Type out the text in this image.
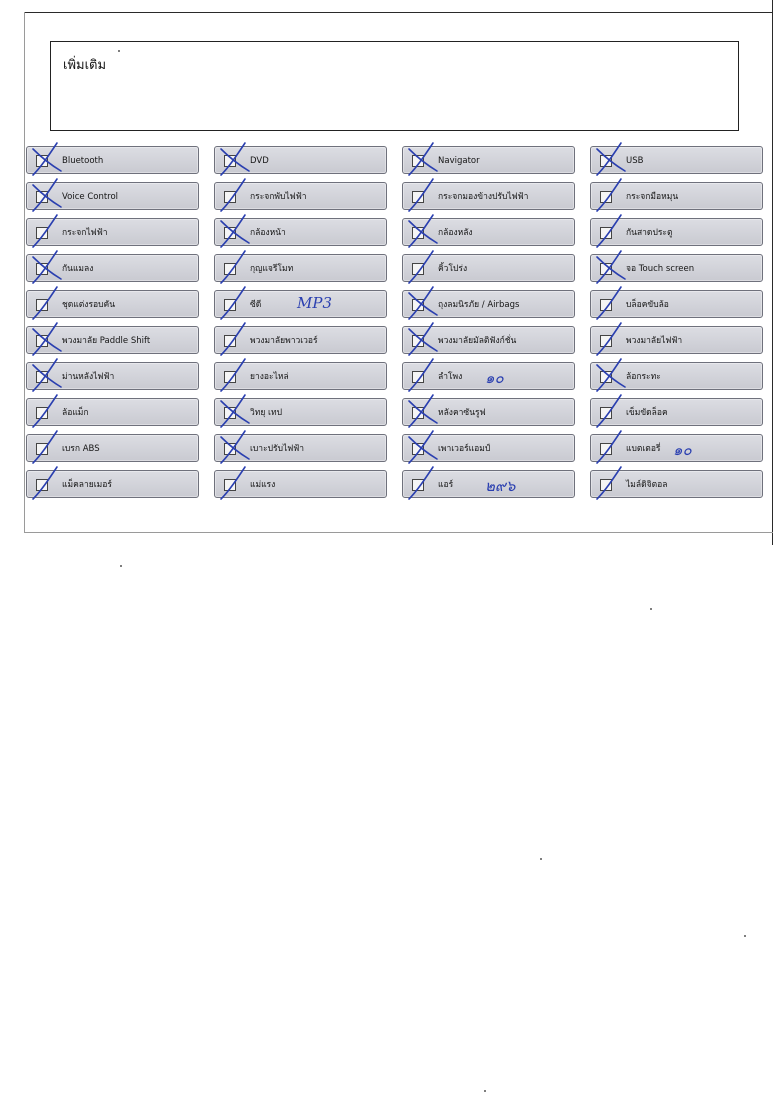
เพิ่มเติม
Bluetooth	DVD	Navigator	USB
Voice Control	กระจกพับไฟฟ้า	กระจกมองข้างปรับไฟฟ้า	กระจกมือหมุน
กระจกไฟฟ้า	กล้องหน้า	กล้องหลัง	กันสาดประตู
กันแมลง	กุญแจรีโมท	คิ้วโปร่ง	จอ Touch screen
ชุดแต่งรอบคัน	ซีดี MP3	ถุงลมนิรภัย / Airbags	บล็อคขับล้อ
พวงมาลัย Paddle Shift	พวงมาลัยพาวเวอร์	พวงมาลัยมัลติฟังก์ชั่น	พวงมาลัยไฟฟ้า
ม่านหลังไฟฟ้า	ยางอะไหล่	ลำโพง ๑๐	ล้อกระทะ
ล้อแม็ก	วิทยุ เทป	หลังคาซันรูฟ	เข็มขัดล็อค
เบรก ABS	เบาะปรับไฟฟ้า	เพาเวอร์แอมป์	แบตเตอรี่ ๑๐
แม็คลายเมอร์	แม่แรง	แอร์ ๒๙๖	ไมล์ดิจิตอล
